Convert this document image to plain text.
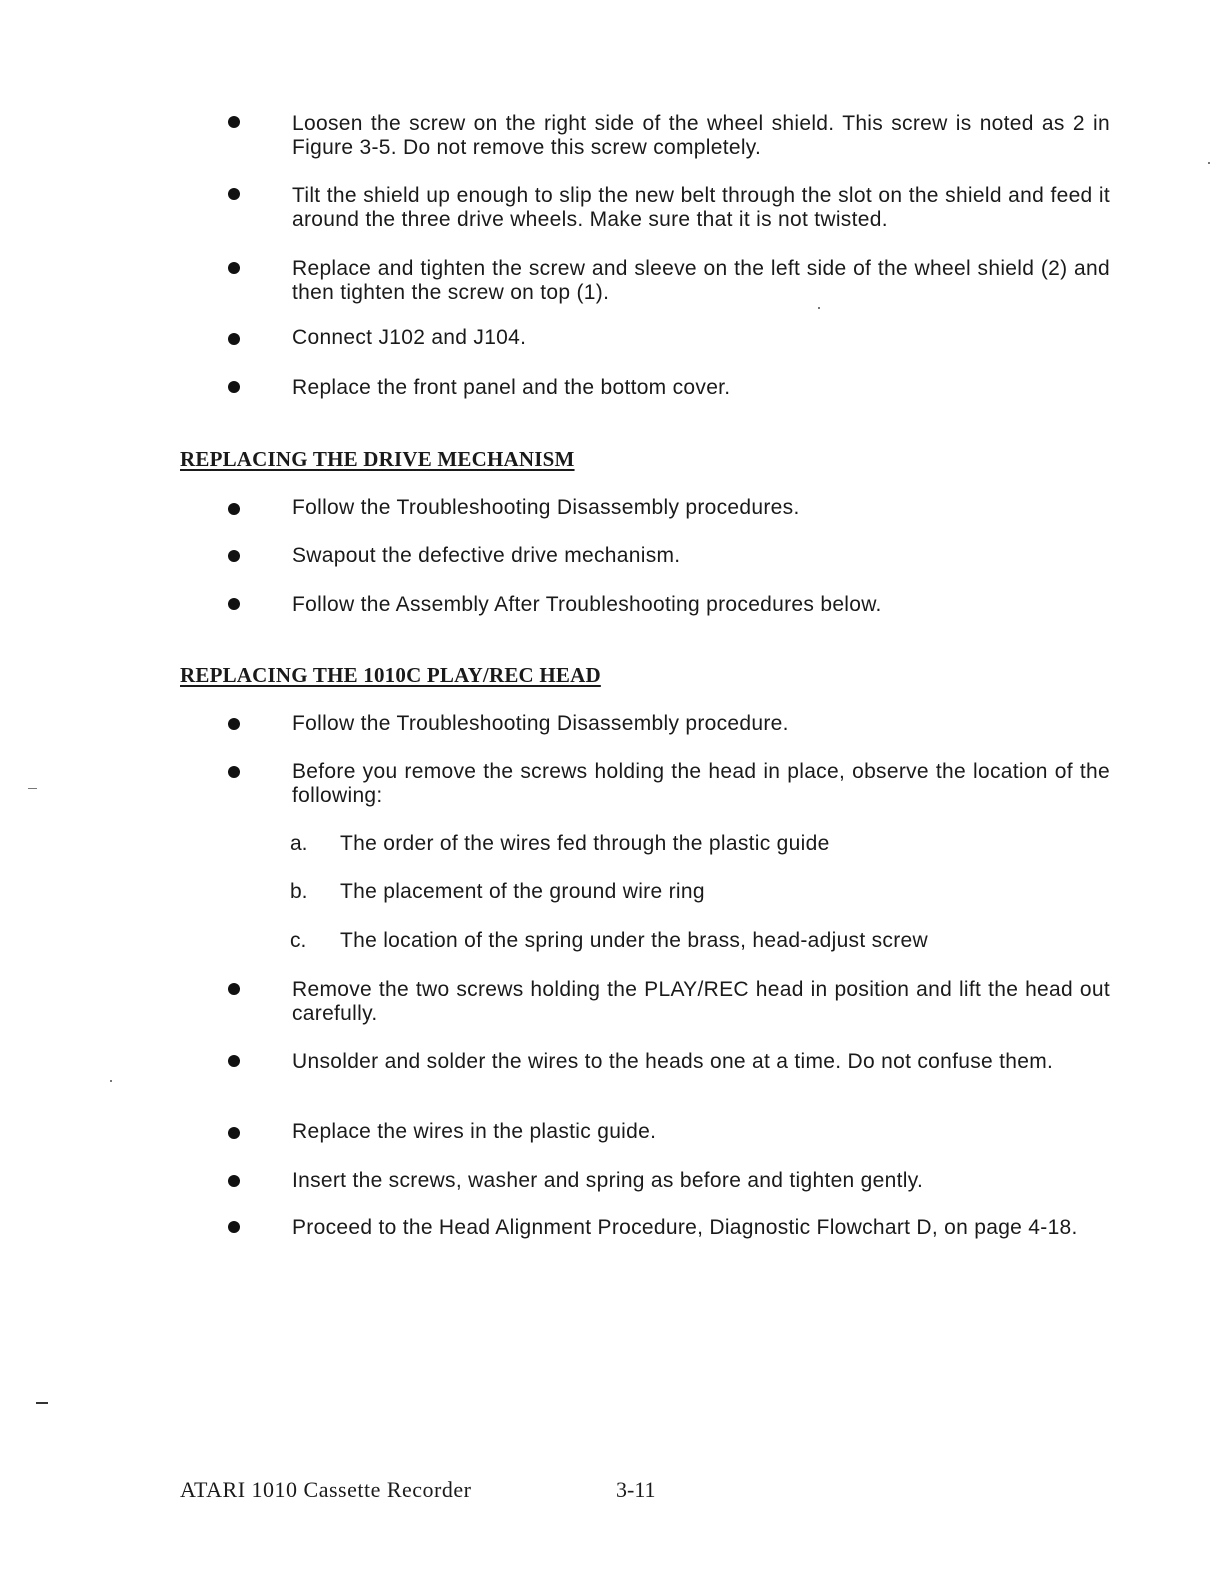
Loosen the screw on the right side of the wheel shield. This screw is noted as 2 in Figure 3-5. Do not remove this screw completely.
Tilt the shield up enough to slip the new belt through the slot on the shield and feed it around the three drive wheels. Make sure that it is not twisted.
Replace and tighten the screw and sleeve on the left side of the wheel shield (2) and then tighten the screw on top (1).
Connect J102 and J104.
Replace the front panel and the bottom cover.
REPLACING THE DRIVE MECHANISM
Follow the Troubleshooting Disassembly procedures.
Swapout the defective drive mechanism.
Follow the Assembly After Troubleshooting procedures below.
REPLACING THE 1010C PLAY/REC HEAD
Follow the Troubleshooting Disassembly procedure.
Before you remove the screws holding the head in place, observe the location of the following:
a. The order of the wires fed through the plastic guide
b. The placement of the ground wire ring
c. The location of the spring under the brass, head-adjust screw
Remove the two screws holding the PLAY/REC head in position and lift the head out carefully.
Unsolder and solder the wires to the heads one at a time. Do not confuse them.
Replace the wires in the plastic guide.
Insert the screws, washer and spring as before and tighten gently.
Proceed to the Head Alignment Procedure, Diagnostic Flowchart D, on page 4-18.
ATARI 1010 Cassette Recorder	3-11
